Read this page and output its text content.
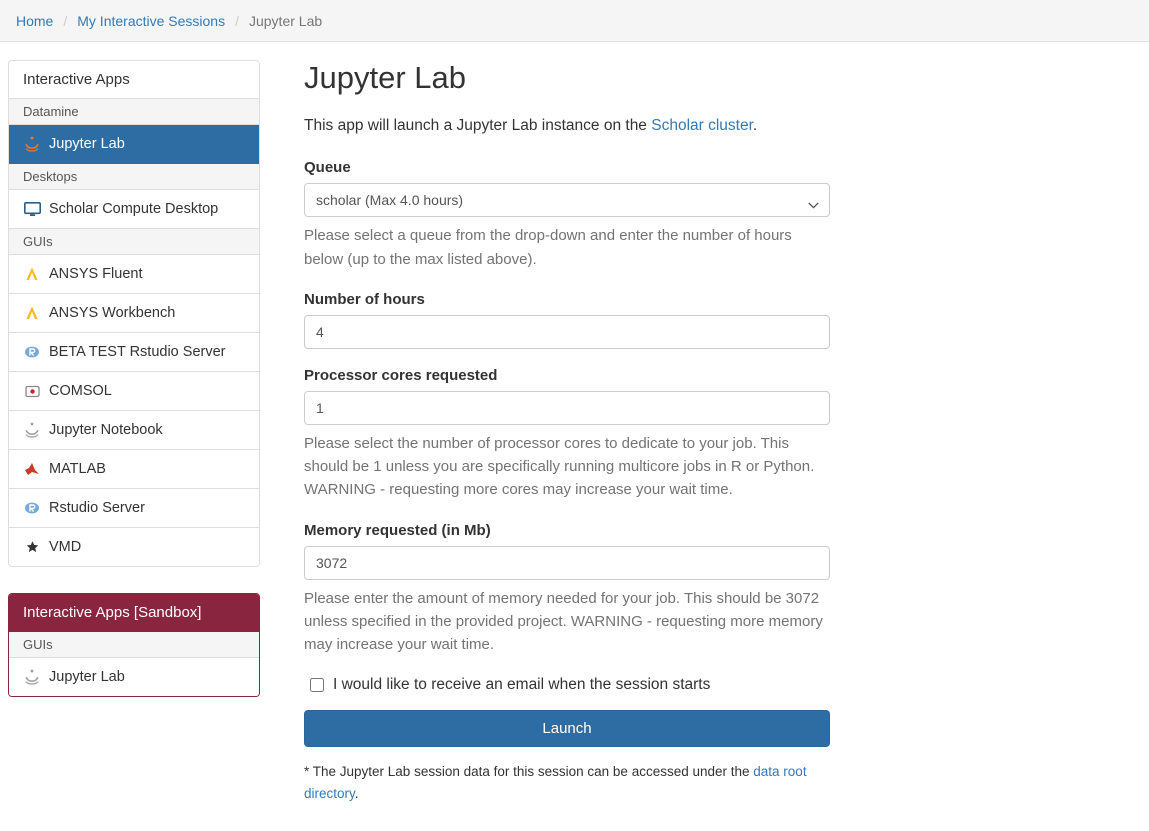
Home / My Interactive Sessions / Jupyter Lab
Interactive Apps
Datamine
Jupyter Lab
Desktops
Scholar Compute Desktop
GUIs
ANSYS Fluent
ANSYS Workbench
BETA TEST Rstudio Server
COMSOL
Jupyter Notebook
MATLAB
Rstudio Server
VMD
Interactive Apps [Sandbox]
GUIs
Jupyter Lab
Jupyter Lab

This app will launch a Jupyter Lab instance on the Scholar cluster.

Queue
scholar (Max 4.0 hours)

Please select a queue from the drop-down and enter the number of hours below (up to the max listed above).

Number of hours
4
Processor cores requested
1

Please select the number of processor cores to dedicate to your job. This should be 1 unless you are specifically running multicore jobs in R or Python. WARNING - requesting more cores may increase your wait time.

Memory requested (in Mb)
3072

Please enter the amount of memory needed for your job. This should be 3072 unless specified in the provided project. WARNING - requesting more memory may increase your wait time.

I would like to receive an email when the session starts
Launch

* The Jupyter Lab session data for this session can be accessed under the data root directory.
